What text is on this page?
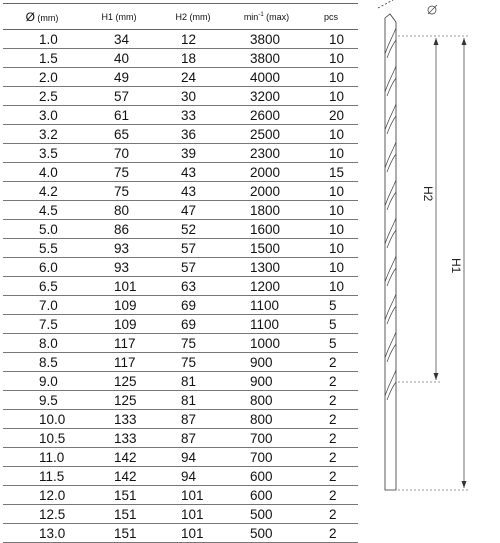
Ø (mm)	H1 (mm)	H2 (mm)	$\min^{-1} (\max)$	pcs
1.0	34	12	3800	10
1.5	40	18	3800	10
2.0	49	24	4000	10
2.5	57	30	3200	10
3.0	61	33	2600	20
3.2	65	36	2500	10
3.5	70	39	2300	10
4.0	75	43	2000	15
4.2	75	43	2000	10
4.5	80	47	1800	10
5.0	86	52	1600	10
5.5	93	57	1500	10
6.0	93	57	1300	10
6.5	101	63	1200	10
7.0	109	69	1100	5
7.5	109	69	1100	5
8.0	117	75	1000	5
8.5	117	75	900	2
9.0	125	81	900	2
9.5	125	81	800	2
10.0	133	87	800	2
10.5	133	87	700	2
11.0	142	94	700	2
11.5	142	94	600	2
12.0	151	101	600	2
12.5	151	101	500	2
13.0	151	101	500	2
H2
H1
